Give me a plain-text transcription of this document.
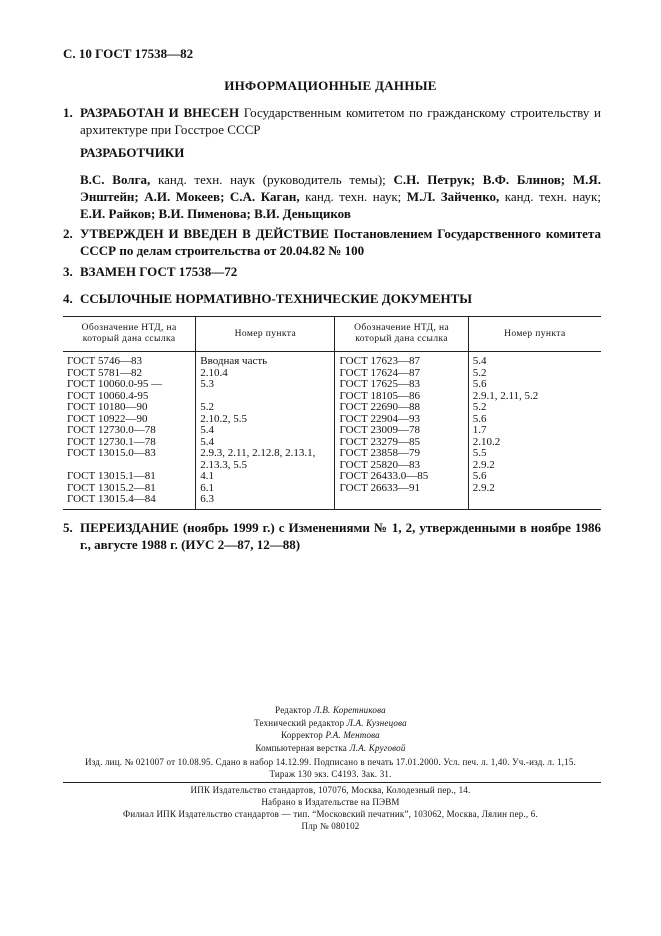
С. 10 ГОСТ 17538—82
ИНФОРМАЦИОННЫЕ ДАННЫЕ
1. РАЗРАБОТАН И ВНЕСЕН Государственным комитетом по гражданскому строительству и архитектуре при Госстрое СССР
РАЗРАБОТЧИКИ
В.С. Волга, канд. техн. наук (руководитель темы); С.Н. Петрук; В.Ф. Блинов; М.Я. Энштейн; А.И. Мокеев; С.А. Каган, канд. техн. наук; М.Л. Зайченко, канд. техн. наук; Е.И. Райков; В.И. Пименова; В.И. Деньщиков
2. УТВЕРЖДЕН И ВВЕДЕН В ДЕЙСТВИЕ Постановлением Государственного комитета СССР по делам строительства от 20.04.82 № 100
3. ВЗАМЕН ГОСТ 17538—72
4. ССЫЛОЧНЫЕ НОРМАТИВНО-ТЕХНИЧЕСКИЕ ДОКУМЕНТЫ
Обозначение НТД, на который дана ссылка	Номер пункта	Обозначение НТД, на который дана ссылка	Номер пункта
ГОСТ 5746—83	Вводная часть	ГОСТ 17623—87	5.4
ГОСТ 5781—82	2.10.4	ГОСТ 17624—87	5.2
ГОСТ 10060.0-95 —	5.3	ГОСТ 17625—83	5.6
ГОСТ 10060.4-95		ГОСТ 18105—86	2.9.1, 2.11, 5.2
ГОСТ 10180—90	5.2	ГОСТ 22690—88	5.2
ГОСТ 10922—90	2.10.2, 5.5	ГОСТ 22904—93	5.6
ГОСТ 12730.0—78	5.4	ГОСТ 23009—78	1.7
ГОСТ 12730.1—78	5.4	ГОСТ 23279—85	2.10.2
ГОСТ 13015.0—83	2.9.3, 2.11, 2.12.8, 2.13.1,	ГОСТ 23858—79	5.5
	2.13.3, 5.5	ГОСТ 25820—83	2.9.2
ГОСТ 13015.1—81	4.1	ГОСТ 26433.0—85	5.6
ГОСТ 13015.2—81	6.1	ГОСТ 26633—91	2.9.2
ГОСТ 13015.4—84	6.3		
5. ПЕРЕИЗДАНИЕ (ноябрь 1999 г.) с Изменениями № 1, 2, утвержденными в ноябре 1986 г., августе 1988 г. (ИУС 2—87, 12—88)
Редактор Л.В. Коретникова
Технический редактор Л.А. Кузнецова
Корректор Р.А. Ментова
Компьютерная верстка Л.А. Круговой
Изд. лиц. № 021007 от 10.08.95. Сдано в набор 14.12.99. Подписано в печать 17.01.2000. Усл. печ. л. 1,40. Уч.-изд. л. 1,15.
Тираж 130 экз. С4193. Зак. 31.
ИПК Издательство стандартов, 107076, Москва, Колодезный пер., 14.
Набрано в Издательстве на ПЭВМ
Филиал ИПК Издательство стандартов — тип. “Московский печатник”, 103062, Москва, Лялин пер., 6.
Плр № 080102
